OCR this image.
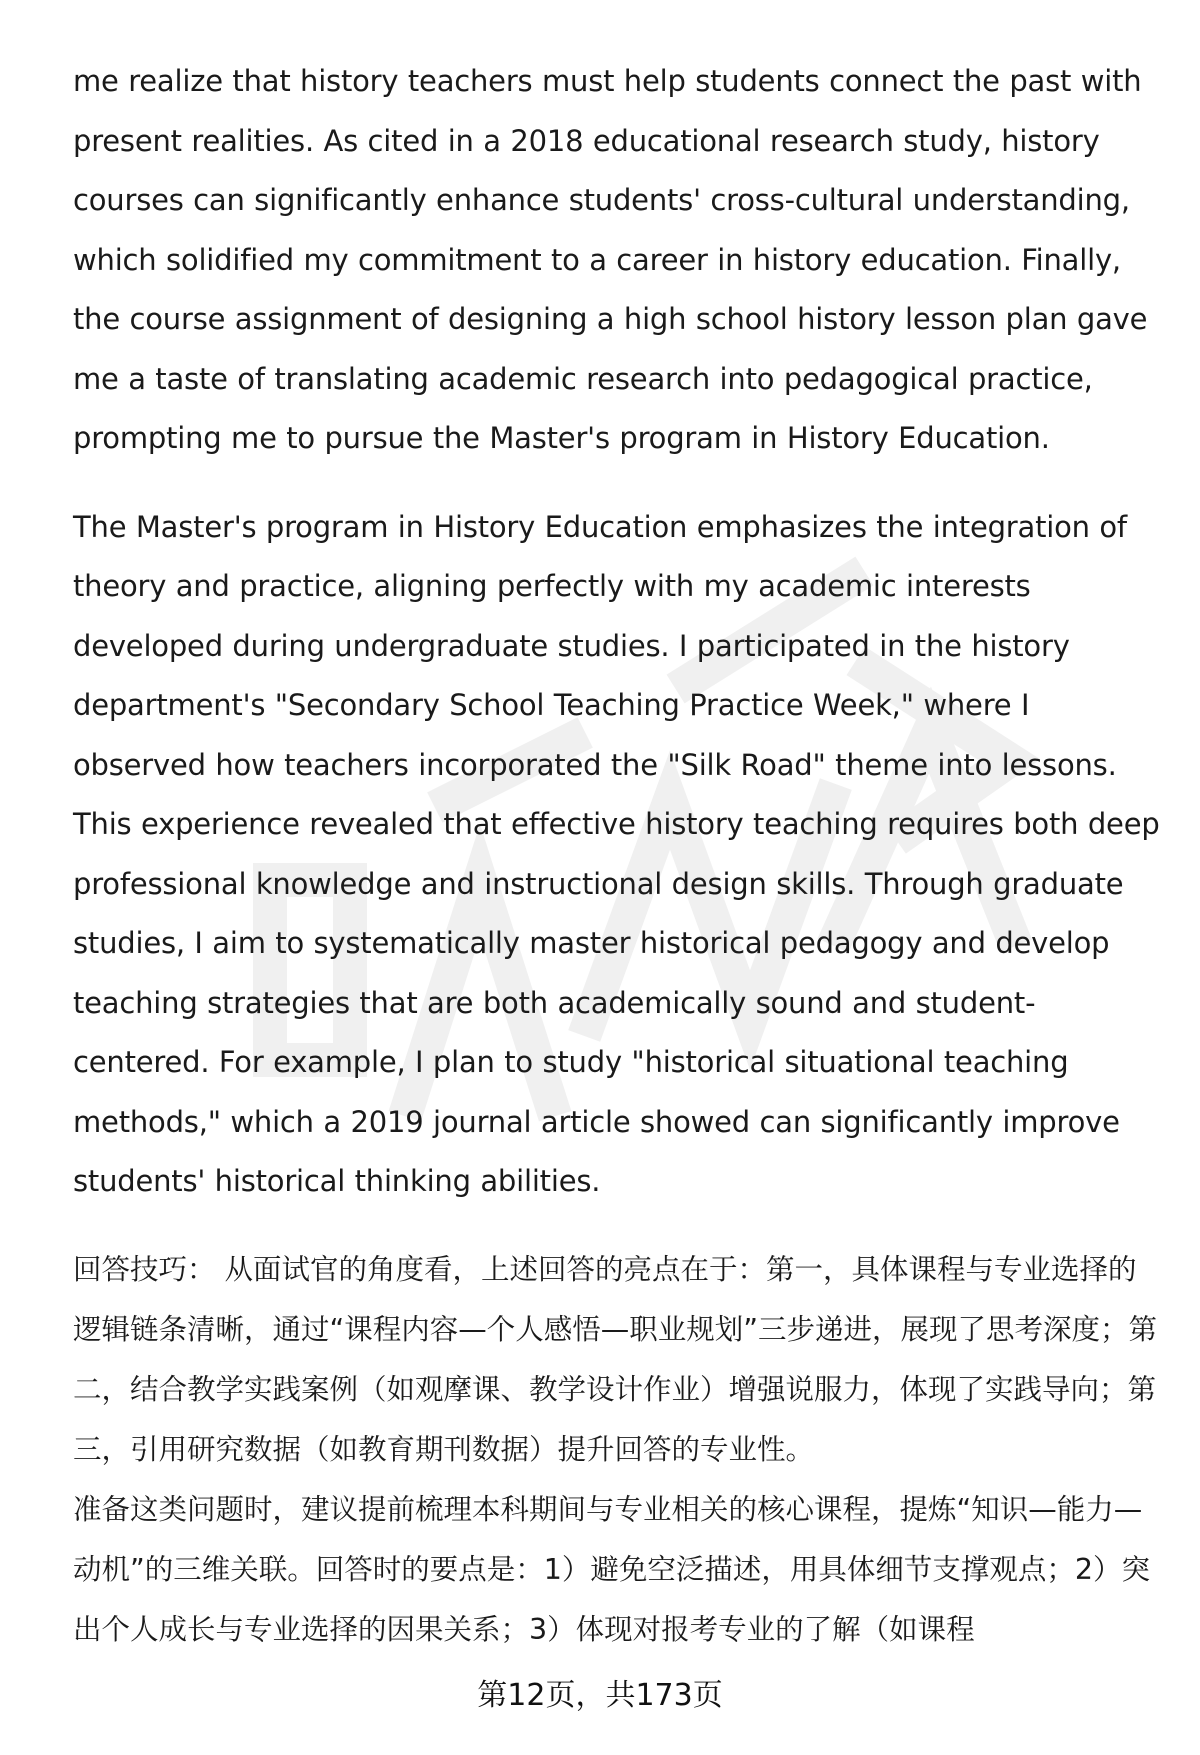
me realize that history teachers must help students connect the past with present realities. As cited in a 2018 educational research study, history courses can significantly enhance students' cross-cultural understanding, which solidified my commitment to a career in history education. Finally, the course assignment of designing a high school history lesson plan gave me a taste of translating academic research into pedagogical practice, prompting me to pursue the Master's program in History Education.

The Master's program in History Education emphasizes the integration of theory and practice, aligning perfectly with my academic interests developed during undergraduate studies. I participated in the history department's "Secondary School Teaching Practice Week," where I observed how teachers incorporated the "Silk Road" theme into lessons. This experience revealed that effective history teaching requires both deep professional knowledge and instructional design skills. Through graduate studies, I aim to systematically master historical pedagogy and develop teaching strategies that are both academically sound and student-centered. For example, I plan to study "historical situational teaching methods," which a 2019 journal article showed can significantly improve students' historical thinking abilities.

回答技巧： 从面试官的角度看，上述回答的亮点在于：第一，具体课程与专业选择的逻辑链条清晰，通过“课程内容—个人感悟—职业规划”三步递进，展现了思考深度；第二，结合教学实践案例（如观摩课、教学设计作业）增强说服力，体现了实践导向；第三，引用研究数据（如教育期刊数据）提升回答的专业性。

准备这类问题时，建议提前梳理本科期间与专业相关的核心课程，提炼“知识—能力—动机”的三维关联。回答时的要点是：1）避免空泛描述，用具体细节支撑观点；2）突出个人成长与专业选择的因果关系；3）体现对报考专业的了解（如课程

第12页，共173页
